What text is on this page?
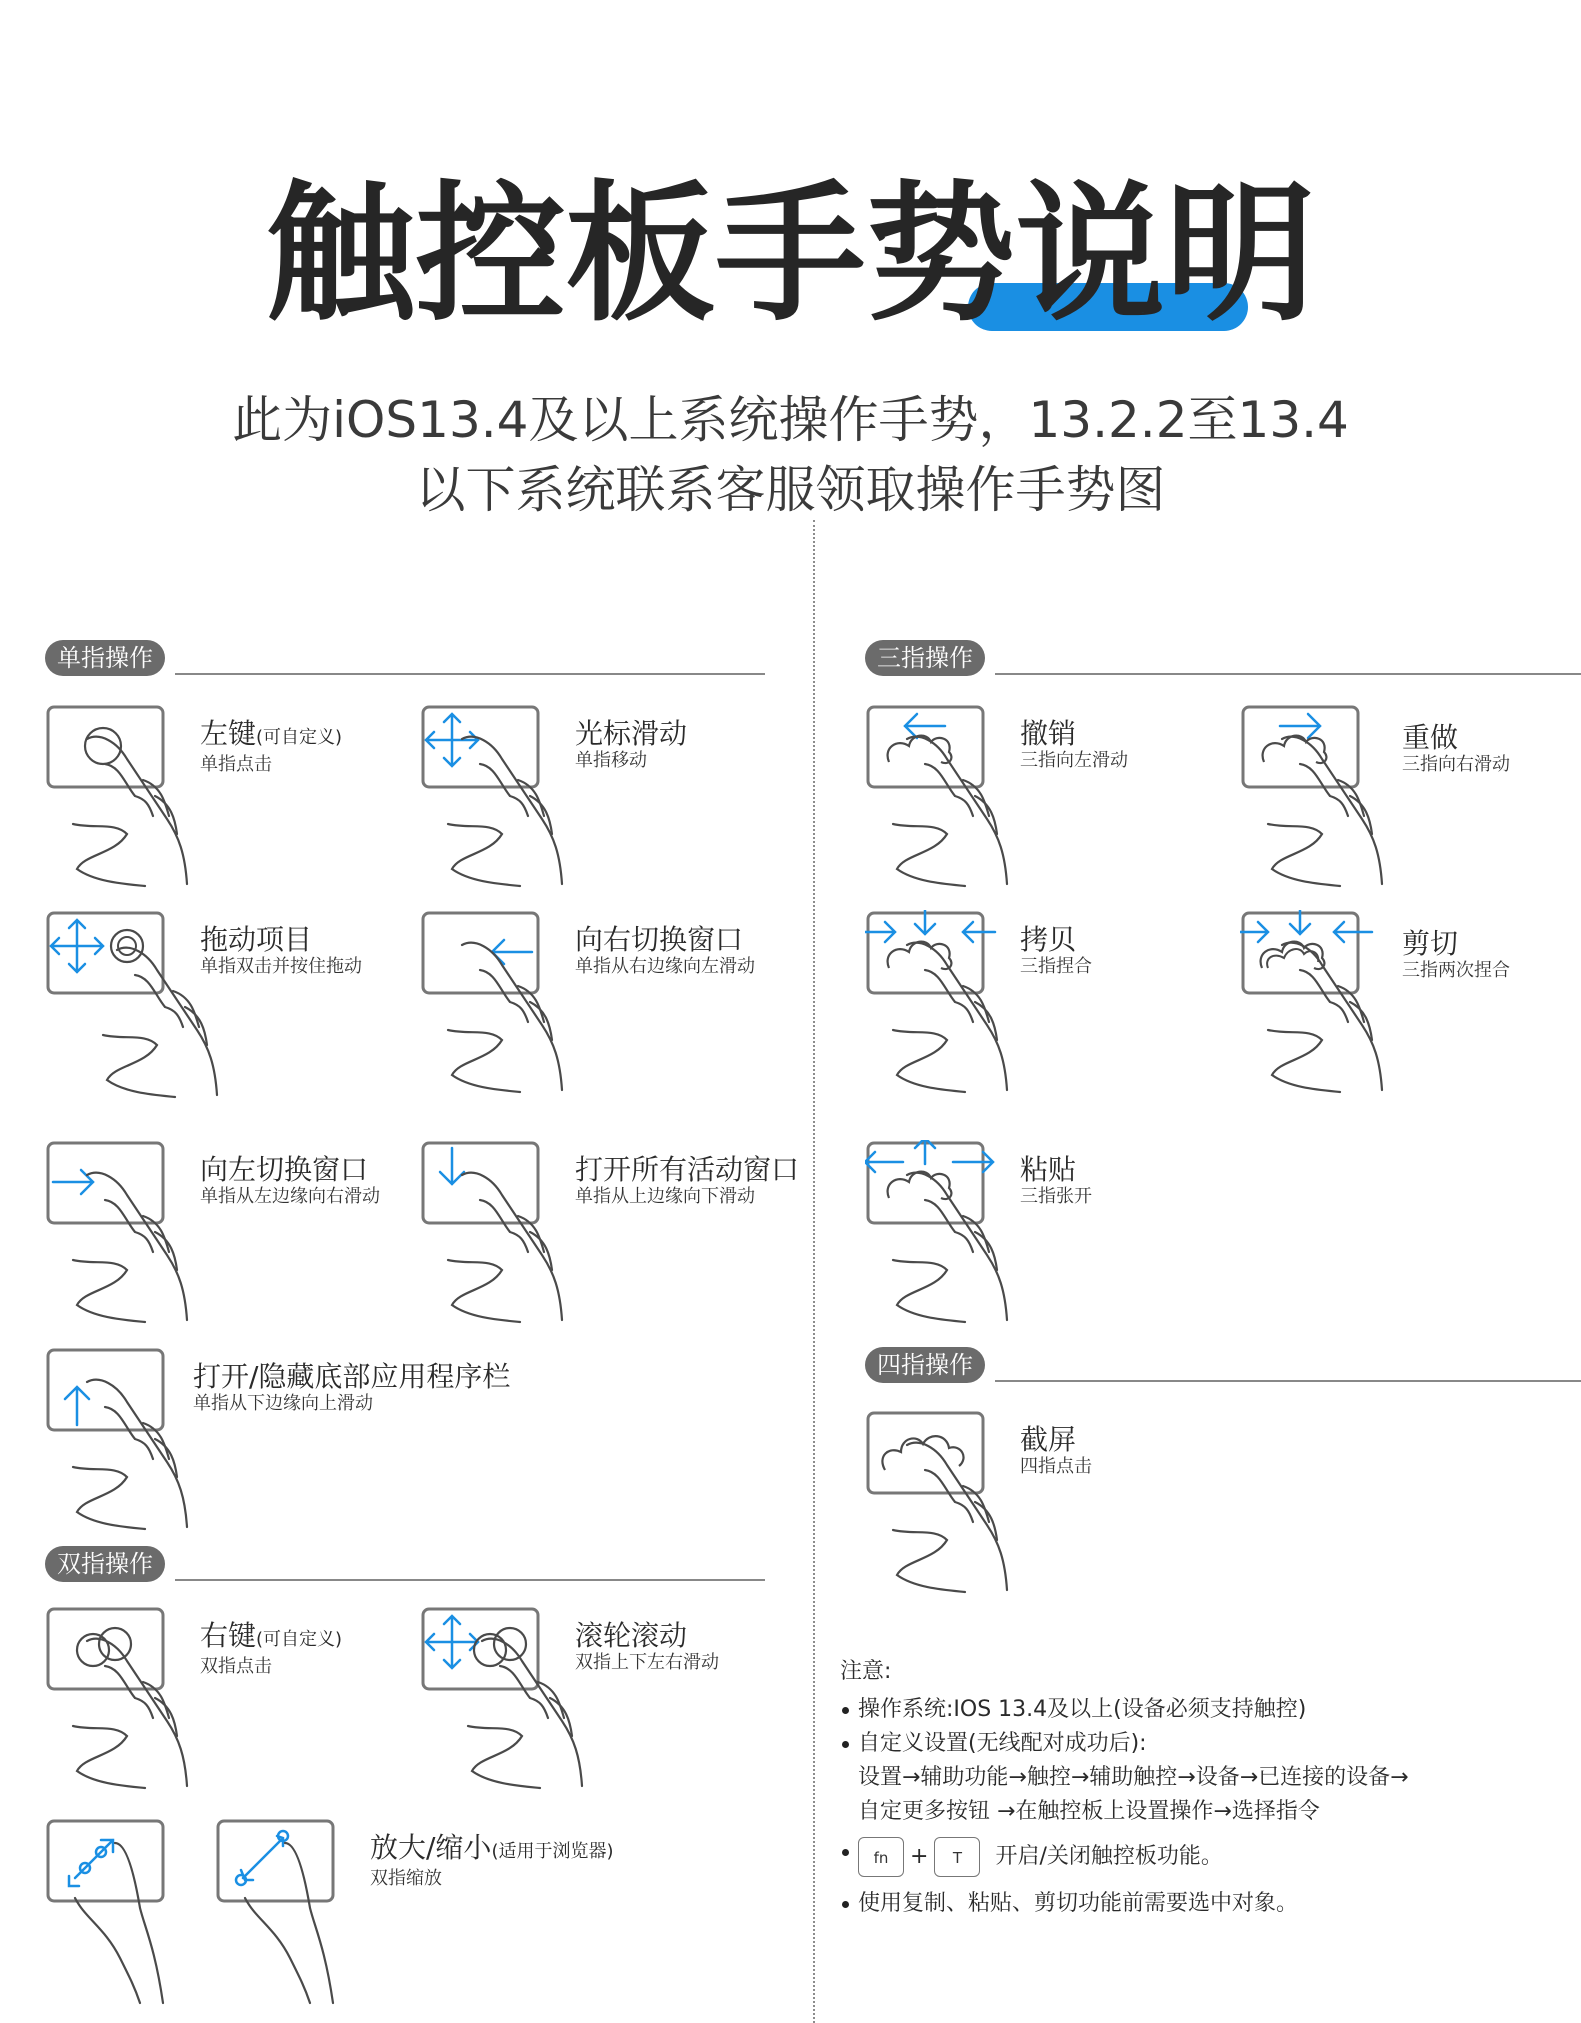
触控板手势说明
此为iOS13.4及以上系统操作手势，13.2.2至13.4
以下系统联系客服领取操作手势图
单指操作
左键(可自定义)
单指点击
光标滑动
单指移动
拖动项目
单指双击并按住拖动
向右切换窗口
单指从右边缘向左滑动
向左切换窗口
单指从左边缘向右滑动
打开所有活动窗口
单指从上边缘向下滑动
打开/隐藏底部应用程序栏
单指从下边缘向上滑动
双指操作
右键(可自定义)
双指点击
滚轮滚动
双指上下左右滑动
放大/缩小(适用于浏览器)
双指缩放
三指操作
撤销
三指向左滑动
重做
三指向右滑动
拷贝
三指捏合
剪切
三指两次捏合
粘贴
三指张开
四指操作
截屏
四指点击
注意:
操作系统:IOS 13.4及以上(设备必须支持触控)
自定义设置(无线配对成功后):
设置→辅助功能→触控→辅助触控→设备→已连接的设备→
自定更多按钮 →在触控板上设置操作→选择指令
fn + T 开启/关闭触控板功能。
使用复制、粘贴、剪切功能前需要选中对象。
